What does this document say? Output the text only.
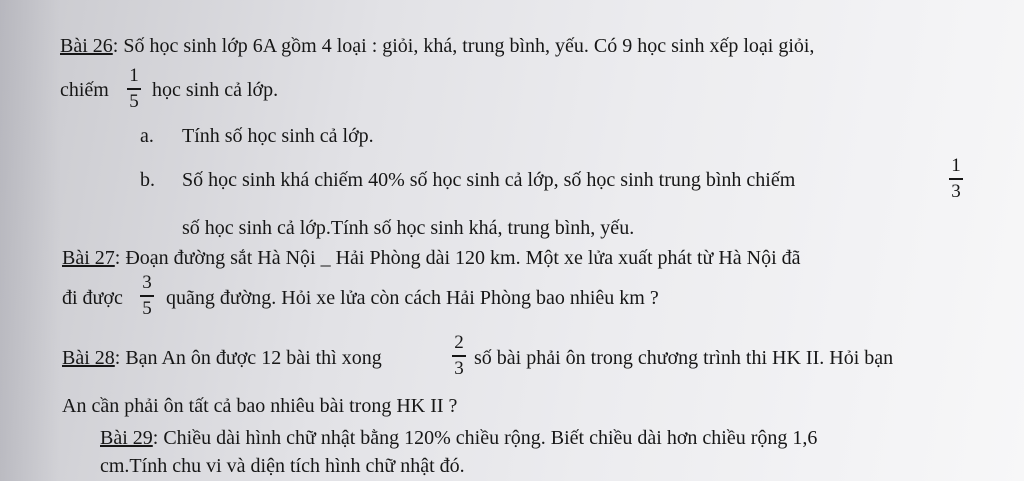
Bài 26: Số học sinh lớp 6A gồm 4 loại : giỏi, khá, trung bình, yếu. Có 9 học sinh xếp loại giỏi,
chiếm
1
5 học sinh cả lớp.
a. Tính số học sinh cả lớp.
b. Số học sinh khá chiếm 40% số học sinh cả lớp, số học sinh trung bình chiếm
1
3
số học sinh cả lớp.Tính số học sinh khá, trung bình, yếu.
Bài 27: Đoạn đường sắt Hà Nội _ Hải Phòng dài 120 km. Một xe lửa xuất phát từ Hà Nội đã
đi được
3
5 quãng đường. Hỏi xe lửa còn cách Hải Phòng bao nhiêu km ?
Bài 28: Bạn An ôn được 12 bài thì xong
2
3 số bài phải ôn trong chương trình thi HK II. Hỏi bạn
An cần phải ôn tất cả bao nhiêu bài trong HK II ?
Bài 29: Chiều dài hình chữ nhật bằng 120% chiều rộng. Biết chiều dài hơn chiều rộng 1,6
cm.Tính chu vi và diện tích hình chữ nhật đó.
